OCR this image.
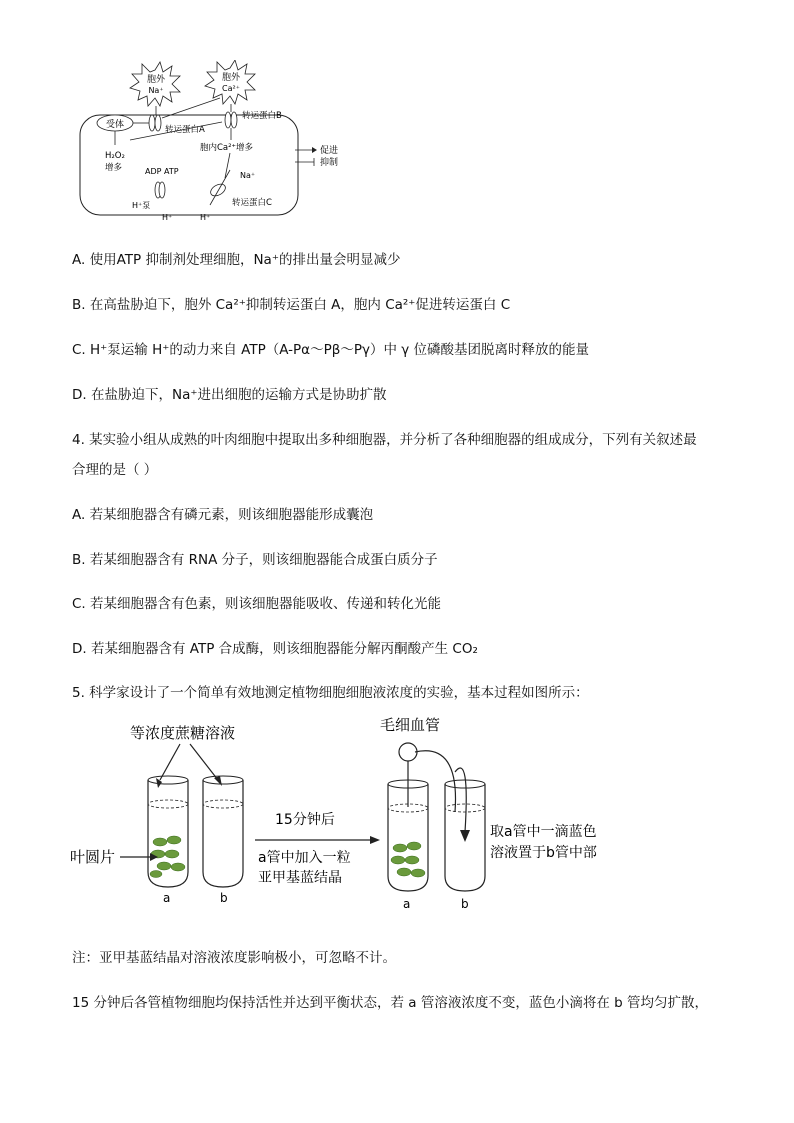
胞外
Na⁺
胞外
Ca²⁺
受体	转运蛋白A
转运蛋白B
H₂O₂
增多
胞内Ca²⁺增多
ADP ATP
H⁺泵
H⁺
Na⁺
H⁺
转运蛋白C
促进
抑制
A. 使用ATP 抑制剂处理细胞，Na⁺的排出量会明显减少
B. 在高盐胁迫下，胞外 Ca²⁺抑制转运蛋白 A，胞内 Ca²⁺促进转运蛋白 C
C. H⁺泵运输 H⁺的动力来自 ATP（A-Pα～Pβ～Pγ）中 γ 位磷酸基团脱离时释放的能量
D. 在盐胁迫下，Na⁺进出细胞的运输方式是协助扩散
4. 某实验小组从成熟的叶肉细胞中提取出多种细胞器，并分析了各种细胞器的组成成分，下列有关叙述最
合理的是（ ）
A. 若某细胞器含有磷元素，则该细胞器能形成囊泡
B. 若某细胞器含有 RNA 分子，则该细胞器能合成蛋白质分子
C. 若某细胞器含有色素，则该细胞器能吸收、传递和转化光能
D. 若某细胞器含有 ATP 合成酶，则该细胞器能分解丙酮酸产生 CO₂
5. 科学家设计了一个简单有效地测定植物细胞细胞液浓度的实验，基本过程如图所示：
等浓度蔗糖溶液
a
叶圆片
b
15分钟后
a管中加入一粒
亚甲基蓝结晶
毛细血管
a	b
取a管中一滴蓝色
溶液置于b管中部
注：亚甲基蓝结晶对溶液浓度影响极小，可忽略不计。
15 分钟后各管植物细胞均保持活性并达到平衡状态，若 a 管溶液浓度不变，蓝色小滴将在 b 管均匀扩散，
